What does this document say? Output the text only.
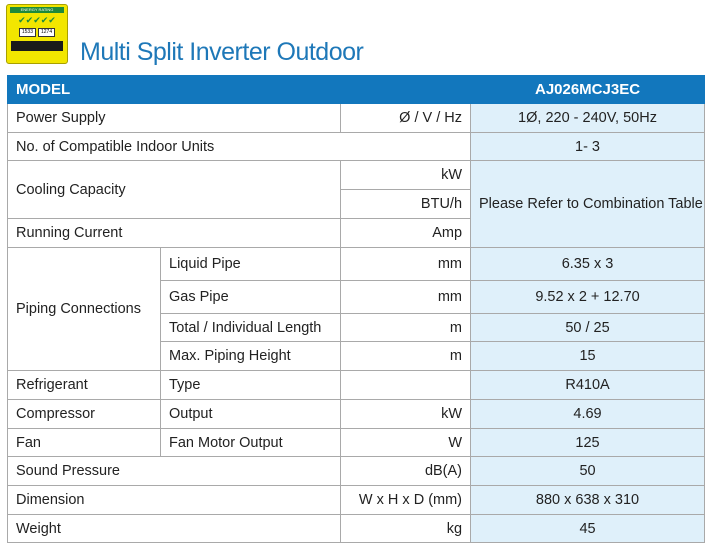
ENERGY RATING
✔✔✔✔✔
1533	1274
Multi Split Inverter Outdoor
MODEL			AJ026MCJ3EC
Power Supply		Ø / V / Hz	1Ø, 220 - 240V, 50Hz
No. of Compatible Indoor Units			1- 3
Cooling Capacity		kW	Please Refer to Combination Table
		BTU/h	
Running Current		Amp	
Piping Connections	Liquid Pipe	mm	6.35 x 3
	Gas Pipe	mm	9.52 x 2 + 12.70
	Total / Individual Length	m	50 / 25
	Max. Piping Height	m	15
Refrigerant	Type		R410A
Compressor	Output	kW	4.69
Fan	Fan Motor Output	W	125
Sound Pressure		dB(A)	50
Dimension		W x H x D (mm)	880 x 638 x 310
Weight		kg	45
